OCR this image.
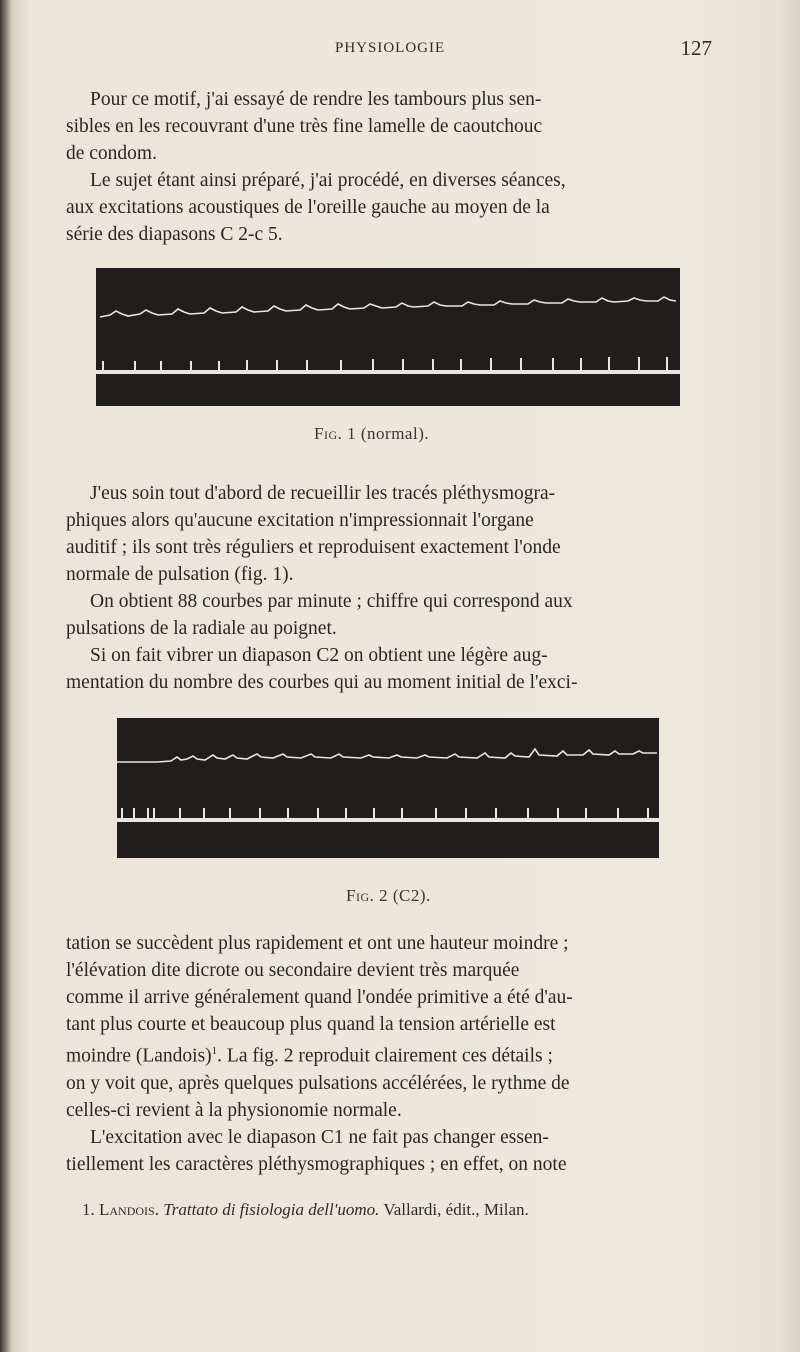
PHYSIOLOGIE	127

Pour ce motif, j'ai essayé de rendre les tambours plus sen-
sibles en les recouvrant d'une très fine lamelle de caoutchouc
de condom.

Le sujet étant ainsi préparé, j'ai procédé, en diverses séances,
aux excitations acoustiques de l'oreille gauche au moyen de la
série des diapasons C 2-c 5.

Fig. 1 (normal).

J'eus soin tout d'abord de recueillir les tracés pléthysmogra-
phiques alors qu'aucune excitation n'impressionnait l'organe
auditif ; ils sont très réguliers et reproduisent exactement l'onde
normale de pulsation (fig. 1).

On obtient 88 courbes par minute ; chiffre qui correspond aux
pulsations de la radiale au poignet.

Si on fait vibrer un diapason C2 on obtient une légère aug-
mentation du nombre des courbes qui au moment initial de l'exci-

Fig. 2 (C2).

tation se succèdent plus rapidement et ont une hauteur moindre ;
l'élévation dite dicrote ou secondaire devient très marquée
comme il arrive généralement quand l'ondée primitive a été d'au-
tant plus courte et beaucoup plus quand la tension artérielle est
moindre (Landois)$^1$. La fig. 2 reproduit clairement ces détails ;
on y voit que, après quelques pulsations accélérées, le rythme de
celles-ci revient à la physionomie normale.

L'excitation avec le diapason C1 ne fait pas changer essen-
tiellement les caractères pléthysmographiques ; en effet, on note

1. Landois. Trattato di fisiologia dell'uomo. Vallardi, édit., Milan.
